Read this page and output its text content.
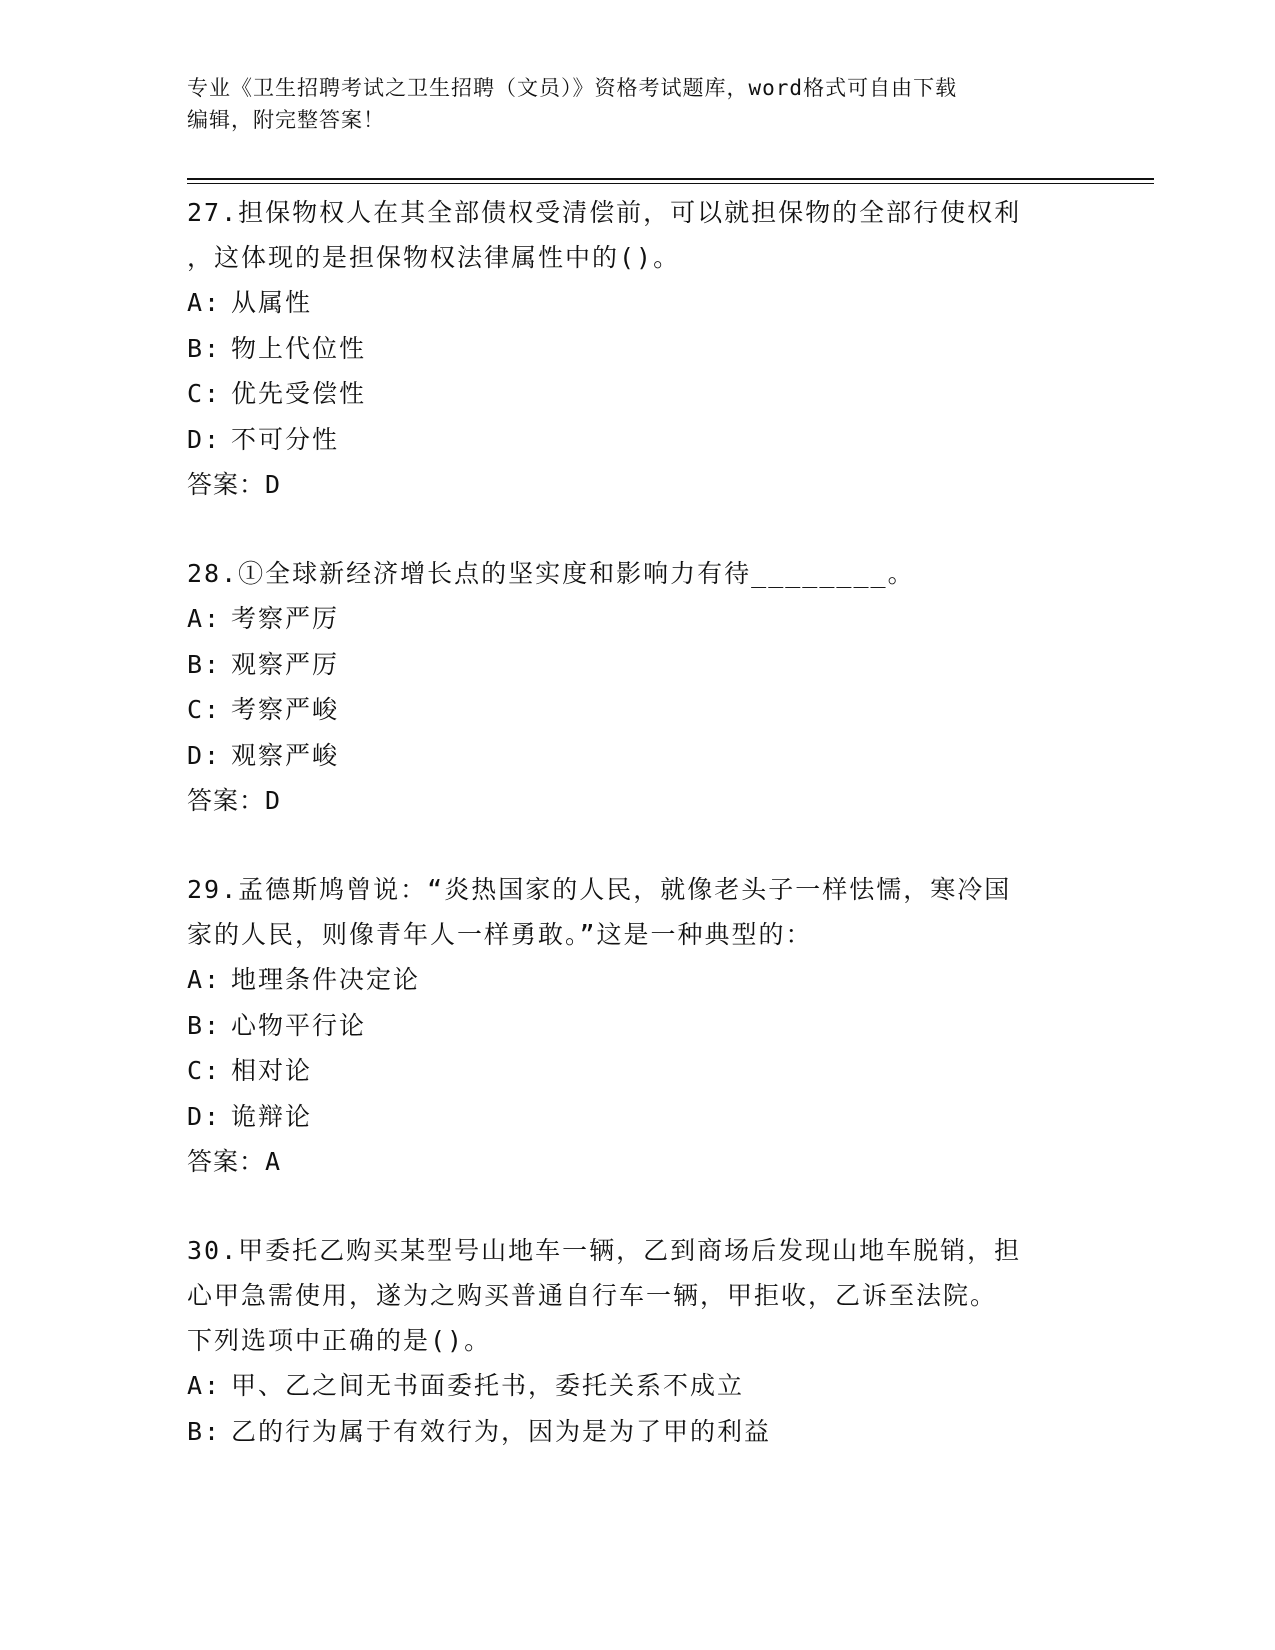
专业《卫生招聘考试之卫生招聘（文员）》资格考试题库，word格式可自由下载
编辑，附完整答案！

27.担保物权人在其全部债权受清偿前，可以就担保物的全部行使权利

，这体现的是担保物权法律属性中的()。

A: 从属性

B: 物上代位性

C: 优先受偿性

D: 不可分性

答案：D

28.①全球新经济增长点的坚实度和影响力有待________。

A: 考察严厉

B: 观察严厉

C: 考察严峻

D: 观察严峻

答案：D

29.孟德斯鸠曾说：“炎热国家的人民，就像老头子一样怯懦，寒冷国

家的人民，则像青年人一样勇敢。”这是一种典型的：

A: 地理条件决定论

B: 心物平行论

C: 相对论

D: 诡辩论

答案：A

30.甲委托乙购买某型号山地车一辆，乙到商场后发现山地车脱销，担

心甲急需使用，遂为之购买普通自行车一辆，甲拒收，乙诉至法院。

下列选项中正确的是()。

A: 甲、乙之间无书面委托书，委托关系不成立

B: 乙的行为属于有效行为，因为是为了甲的利益
